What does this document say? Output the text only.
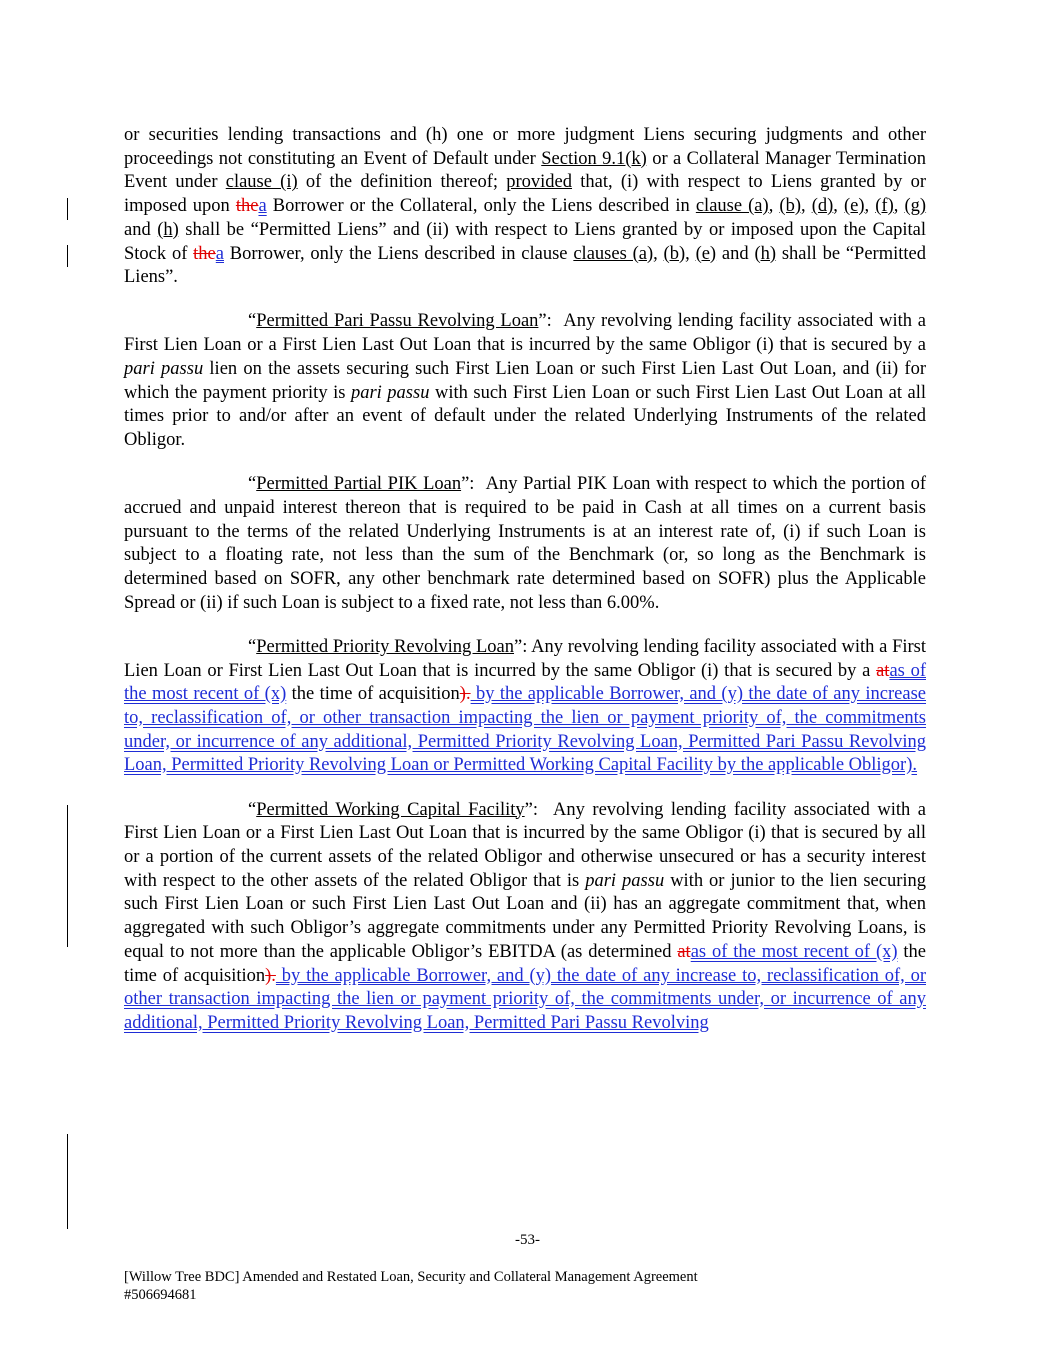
or securities lending transactions and (h) one or more judgment Liens securing judgments and other proceedings not constituting an Event of Default under Section 9.1(k) or a Collateral Manager Termination Event under clause (i) of the definition thereof; provided that, (i) with respect to Liens granted by or imposed upon thea Borrower or the Collateral, only the Liens described in clause (a), (b), (d), (e), (f), (g) and (h) shall be “Permitted Liens” and (ii) with respect to Liens granted by or imposed upon the Capital Stock of thea Borrower, only the Liens described in clause clauses (a), (b), (e) and (h) shall be “Permitted Liens”.

“Permitted Pari Passu Revolving Loan”:  Any revolving lending facility associated with a First Lien Loan or a First Lien Last Out Loan that is incurred by the same Obligor (i) that is secured by a pari passu lien on the assets securing such First Lien Loan or such First Lien Last Out Loan, and (ii) for which the payment priority is pari passu with such First Lien Loan or such First Lien Last Out Loan at all times prior to and/or after an event of default under the related Underlying Instruments of the related Obligor.

“Permitted Partial PIK Loan”:  Any Partial PIK Loan with respect to which the portion of accrued and unpaid interest thereon that is required to be paid in Cash at all times on a current basis pursuant to the terms of the related Underlying Instruments is at an interest rate of, (i) if such Loan is subject to a floating rate, not less than the sum of the Benchmark (or, so long as the Benchmark is determined based on SOFR, any other benchmark rate determined based on SOFR) plus the Applicable Spread or (ii) if such Loan is subject to a fixed rate, not less than 6.00%.

“Permitted Priority Revolving Loan”: Any revolving lending facility associated with a First Lien Loan or First Lien Last Out Loan that is incurred by the same Obligor (i) that is secured by a atas of the most recent of (x) the time of acquisition). by the applicable Borrower, and (y) the date of any increase to, reclassification of, or other transaction impacting the lien or payment priority of, the commitments under, or incurrence of any additional, Permitted Priority Revolving Loan, Permitted Pari Passu Revolving Loan, Permitted Priority Revolving Loan or Permitted Working Capital Facility by the applicable Obligor).

“Permitted Working Capital Facility”:  Any revolving lending facility associated with a First Lien Loan or a First Lien Last Out Loan that is incurred by the same Obligor (i) that is secured by all or a portion of the current assets of the related Obligor and otherwise unsecured or has a security interest with respect to the other assets of the related Obligor that is pari passu with or junior to the lien securing such First Lien Loan or such First Lien Last Out Loan and (ii) has an aggregate commitment that, when aggregated with such Obligor’s aggregate commitments under any Permitted Priority Revolving Loans, is equal to not more than the applicable Obligor’s EBITDA (as determined atas of the most recent of (x) the time of acquisition). by the applicable Borrower, and (y) the date of any increase to, reclassification of, or other transaction impacting the lien or payment priority of, the commitments under, or incurrence of any additional, Permitted Priority Revolving Loan, Permitted Pari Passu Revolving

-53-
[Willow Tree BDC] Amended and Restated Loan, Security and Collateral Management Agreement
#506694681
